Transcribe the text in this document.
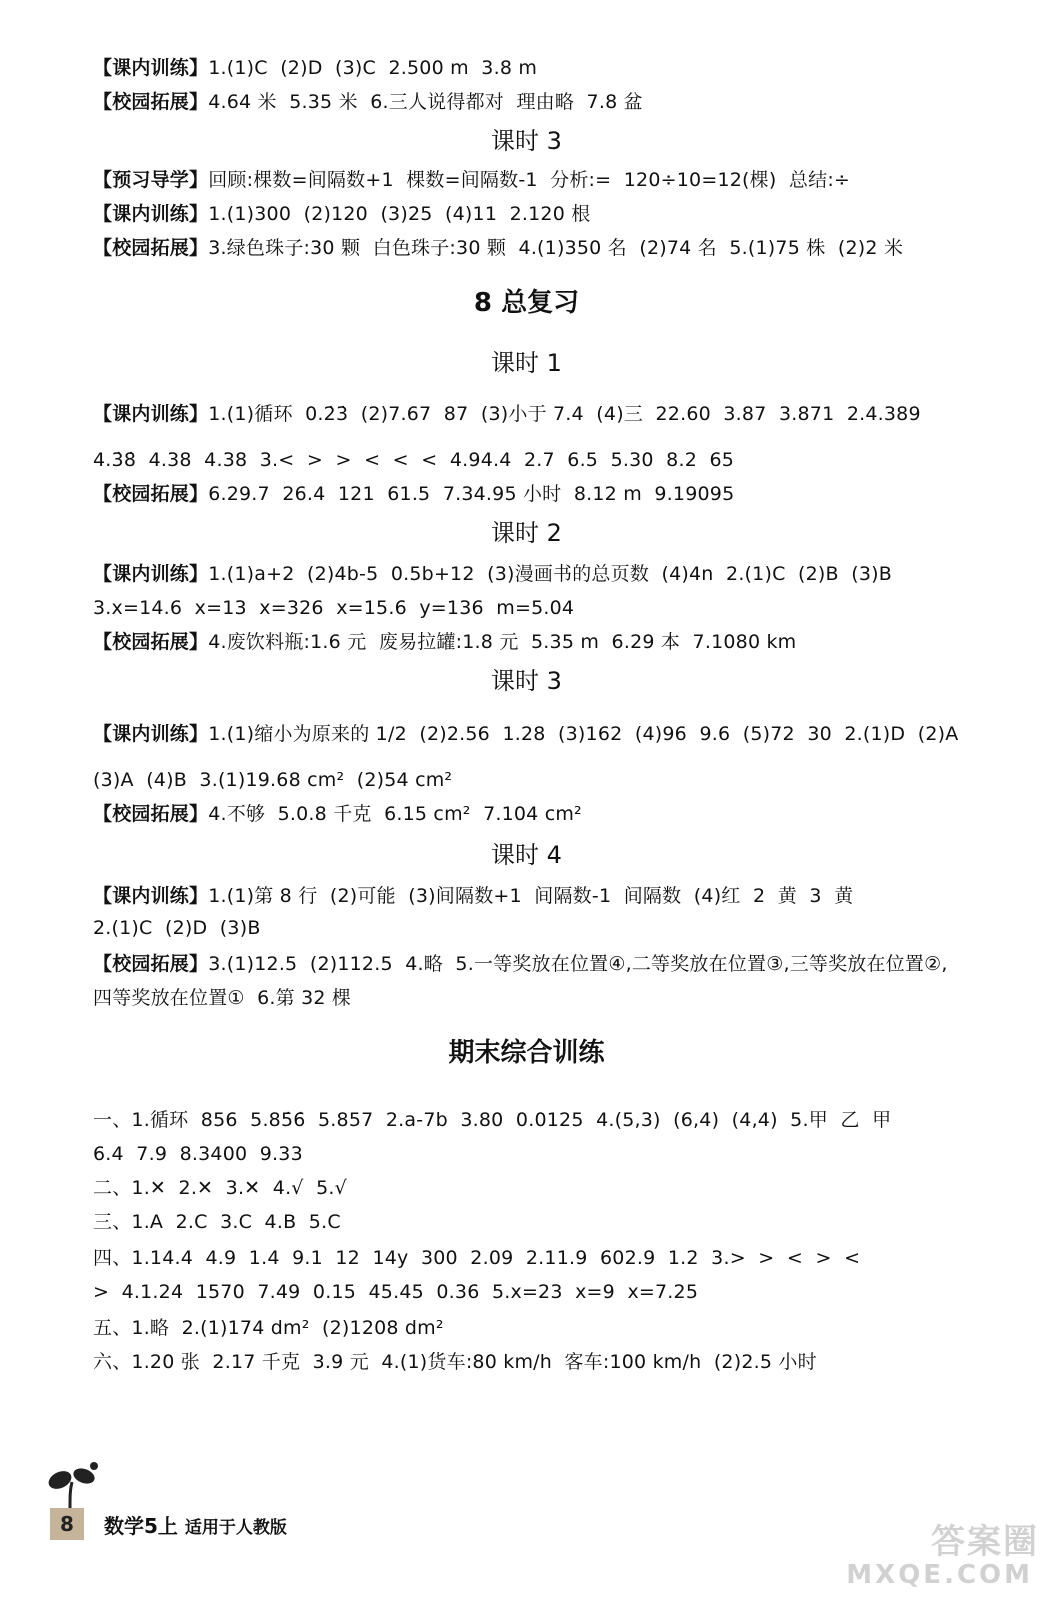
【课内训练】1.(1)C  (2)D  (3)C  2.500 m  3.8 m
【校园拓展】4.64 米  5.35 米  6.三人说得都对  理由略  7.8 盆
课时 3
【预习导学】回顾:棵数=间隔数+1  棵数=间隔数-1  分析:=  120÷10=12(棵)  总结:÷
【课内训练】1.(1)300  (2)120  (3)25  (4)11  2.120 根
【校园拓展】3.绿色珠子:30 颗  白色珠子:30 颗  4.(1)350 名  (2)74 名  5.(1)75 株  (2)2 米
8 总复习
课时 1
【课内训练】1.(1)循环  0.2̇3̇  (2)7.67  87  (3)小于 7.4  (4)三  22.60  3.87  3.871  2.4.389
4.3̇8̇  4.38  4.38  3.<  >  >  <  <  <  4.94.4  2.7  6.5  5.30  8.2  65
【校园拓展】6.29.7  26.4  121  61.5  7.34.95 小时  8.12 m  9.19095
课时 2
【课内训练】1.(1)a+2  (2)4b-5  0.5b+12  (3)漫画书的总页数  (4)4n  2.(1)C  (2)B  (3)B
3.x=14.6  x=13  x=326  x=15.6  y=136  m=5.04
【校园拓展】4.废饮料瓶:1.6 元  废易拉罐:1.8 元  5.35 m  6.29 本  7.1080 km
课时 3
【课内训练】1.(1)缩小为原来的 1/2  (2)2.56  1.28  (3)162  (4)96  9.6  (5)72  30  2.(1)D  (2)A
(3)A  (4)B  3.(1)19.68 cm²  (2)54 cm²
【校园拓展】4.不够  5.0.8 千克  6.15 cm²  7.104 cm²
课时 4
【课内训练】1.(1)第 8 行  (2)可能  (3)间隔数+1  间隔数-1  间隔数  (4)红  2  黄  3  黄
2.(1)C  (2)D  (3)B
【校园拓展】3.(1)12.5  (2)112.5  4.略  5.一等奖放在位置④,二等奖放在位置③,三等奖放在位置②,
四等奖放在位置①  6.第 32 棵
期末综合训练
一、1.循环  856  5.85̇6̇  5.857  2.a-7b  3.80  0.0125  4.(5,3)  (6,4)  (4,4)  5.甲  乙  甲
6.4  7.9  8.3400  9.33
二、1.✕  2.✕  3.✕  4.√  5.√
三、1.A  2.C  3.C  4.B  5.C
四、1.14.4  4.9  1.4  9.1  12  14y  300  2.09  2.11.9  602.9  1.2  3.>  >  <  >  <
>  4.1.24  1570  7.49  0.15  45.45  0.36  5.x=23  x=9  x=7.25
五、1.略  2.(1)174 dm²  (2)1208 dm²
六、1.20 张  2.17 千克  3.9 元  4.(1)货车:80 km/h  客车:100 km/h  (2)2.5 小时
8	数学5上 适用于人教版	答案圈
MXQE.COM
